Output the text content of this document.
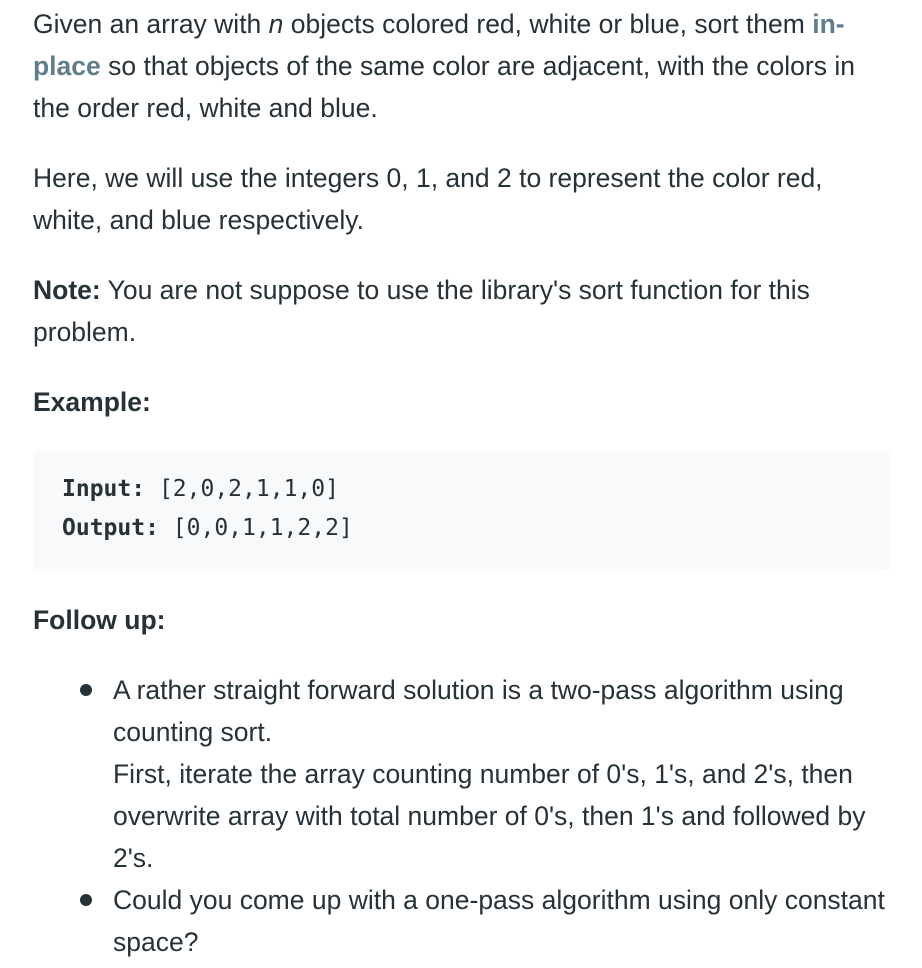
Given an array with n objects colored red, white or blue, sort them in-place so that objects of the same color are adjacent, with the colors in the order red, white and blue.

Here, we will use the integers 0, 1, and 2 to represent the color red, white, and blue respectively.

Note: You are not suppose to use the library's sort function for this problem.

Example:

Input: [2,0,2,1,1,0]
Output: [0,0,1,1,2,2]

Follow up:

A rather straight forward solution is a two-pass algorithm using counting sort.
First, iterate the array counting number of 0's, 1's, and 2's, then overwrite array with total number of 0's, then 1's and followed by 2's.
Could you come up with a one-pass algorithm using only constant space?
